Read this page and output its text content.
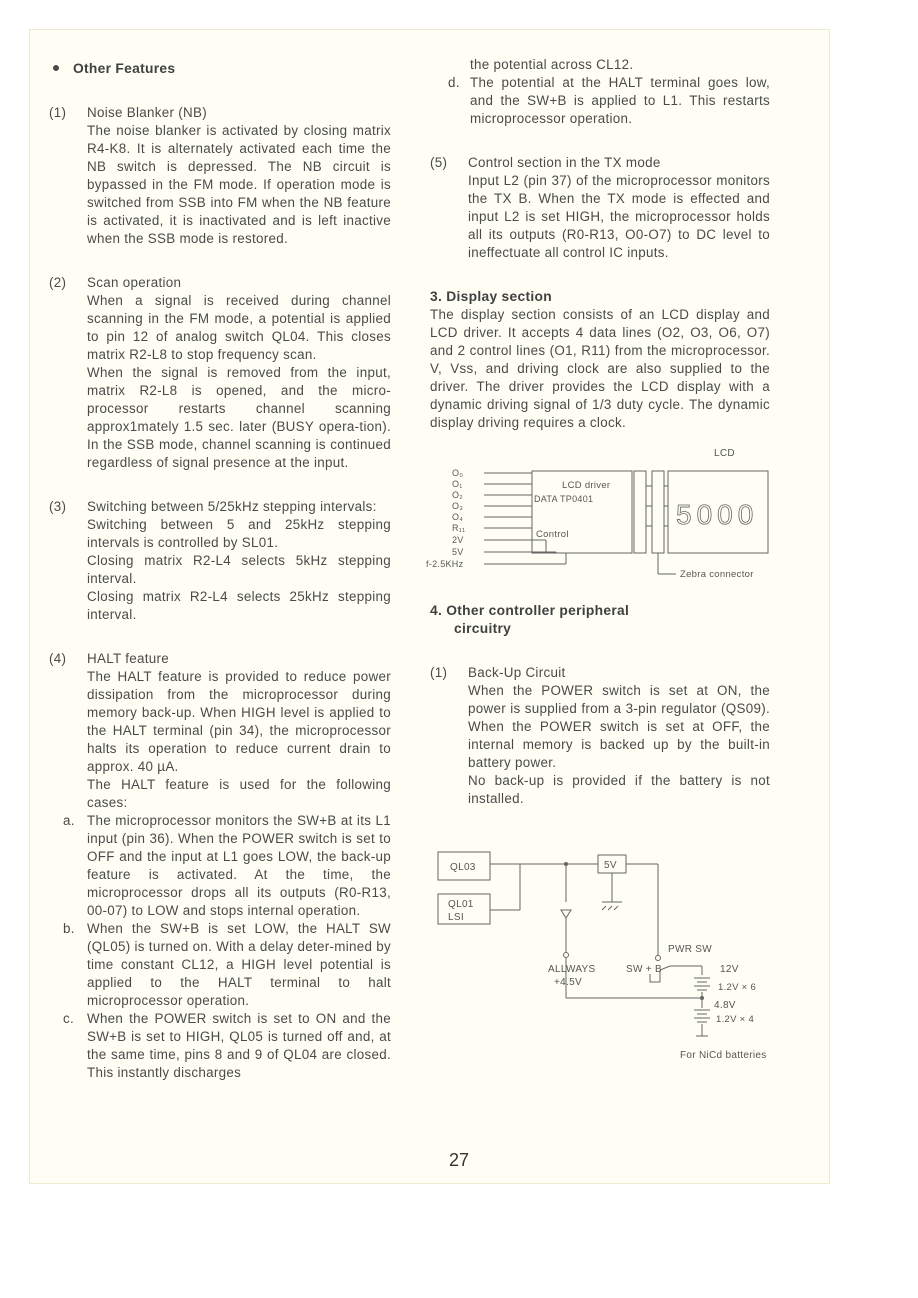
Other Features

(1) Noise Blanker (NB)

The noise blanker is activated by closing matrix R4-K8. It is alternately activated each time the NB switch is depressed. The NB circuit is bypassed in the FM mode. If operation mode is switched from SSB into FM when the NB feature is activated, it is inactivated and is left inactive when the SSB mode is restored.

(2) Scan operation

When a signal is received during channel scanning in the FM mode, a potential is applied to pin 12 of analog switch QL04. This closes matrix R2-L8 to stop frequency scan.

When the signal is removed from the input, matrix R2-L8 is opened, and the micro-processor restarts channel scanning approx1mately 1.5 sec. later (BUSY opera-tion). In the SSB mode, channel scanning is continued regardless of signal presence at the input.

(3) Switching between 5/25kHz stepping intervals:

Switching between 5 and 25kHz stepping intervals is controlled by SL01.

Closing matrix R2-L4 selects 5kHz stepping interval.

Closing matrix R2-L4 selects 25kHz stepping interval.

(4) HALT feature

The HALT feature is provided to reduce power dissipation from the microprocessor during memory back-up. When HIGH level is applied to the HALT terminal (pin 34), the microprocessor halts its operation to reduce current drain to approx. 40 µA.

The HALT feature is used for the following cases:

a. The microprocessor monitors the SW+B at its L1 input (pin 36). When the POWER switch is set to OFF and the input at L1 goes LOW, the back-up feature is activated. At the time, the microprocessor drops all its outputs (R0-R13, 00-07) to LOW and stops internal operation.

b. When the SW+B is set LOW, the HALT SW (QL05) is turned on. With a delay deter-mined by time constant CL12, a HIGH level potential is applied to the HALT terminal to halt microprocessor operation.

c. When the POWER switch is set to ON and the SW+B is set to HIGH, QL05 is turned off and, at the same time, pins 8 and 9 of QL04 are closed. This instantly discharges

the potential across CL12.

d. The potential at the HALT terminal goes low, and the SW+B is applied to L1. This restarts microprocessor operation.

(5) Control section in the TX mode

Input L2 (pin 37) of the microprocessor monitors the TX B. When the TX mode is effected and input L2 is set HIGH, the microprocessor holds all its outputs (R0-R13, O0-O7) to DC level to ineffectuate all control IC inputs.

3. Display section

The display section consists of an LCD display and LCD driver. It accepts 4 data lines (O2, O3, O6, O7) and 2 control lines (O1, R11) from the microprocessor. V, Vss, and driving clock are also supplied to the driver. The driver provides the LCD display with a dynamic driving signal of 1/3 duty cycle. The dynamic display driving requires a clock.

LCD
LCD driver
DATA TP0401
Control
5000
O₀
O₁
O₂
O₃
O₄
R₁₁
2V
5V
f-2.5KHz
Zebra connector

4. Other controller peripheral

circuitry

(1) Back-Up Circuit

When the POWER switch is set at ON, the power is supplied from a 3-pin regulator (QS09). When the POWER switch is set at OFF, the internal memory is backed up by the built-in battery power.

No back-up is provided if the battery is not installed.

QL03
QL01
LSI
5V
PWR SW
ALLWAYS	SW + B
+4.5V
12V
1.2V × 6
4.8V
1.2V × 4
For NiCd batteries
27
